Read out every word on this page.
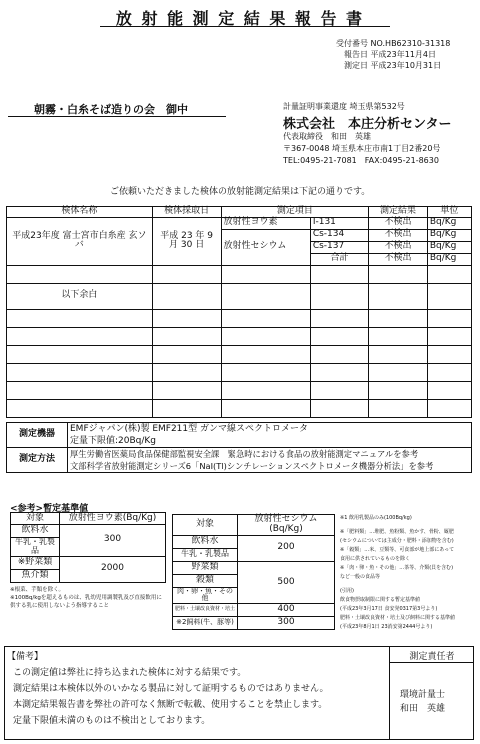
放 射 能 測 定 結 果 報 告 書
受付番号 NO.HB62310-31318
報告日 平成23年11月4日
測定日 平成23年10月31日
朝霧・白糸そば造りの会　御中	計量証明事業還度 埼玉県第532号
株式会社　本庄分析センター
代表取締役　和田　英雄
〒367-0048 埼玉県本庄市南1丁目2番20号
TEL:0495-21-7081　FAX:0495-21-8630
ご依頼いただきました検体の放射能測定結果は下記の通りです。
検体名称	検体採取日	測定項目		測定結果	単位
平成23年度 富士宮市白糸産 玄ソバ	平成 23 年 9 月 30 日	放射性ヨウ素	I-131	不検出	Bq/Kg
		放射性セシウム	Cs-134	不検出	Bq/Kg
			Cs-137	不検出	Bq/Kg
			合計	不検出	Bq/Kg

以下余白					

測定機器	EMFジャパン(株)製 EMF211型 ガンマ線スペクトロメータ
定量下限値:20Bq/Kg

測定方法	厚生労働省医薬局食品保健部監視安全課　緊急時における食品の放射能測定マニュアルを参考
文部科学省放射能測定シリーズ6「NaI(Tl)シンチレーションスペクトロメータ機器分析法」を参考
<参考>暫定基準値
対象	放射性ヨウ素(Bq/Kg)
飲料水	300
牛乳・乳製品	
※野菜類	2000
魚介類	
※根菜、芋類を除く。
※100Bq/kgを超えるものは、乳幼児用調製乳及び直接飲用に供する乳に使用しないよう指導すること
対象	放射性セシウム(Bq/Kg)
飲料水	200
牛乳・乳製品	
野菜類	500
穀類	
肉・卵・魚・その他	
肥料・土壌改良資材・培土	400
※2飼料(牛、豚等)	300
※1 飲用乳製品のみ(100Bq/kg)
※「肥料類」…堆肥、魚粉類、魚かす、骨粉、厩肥
(セシウムについては主成分・肥料・添加物を含む)
※「穀類」…米、豆類等、可食部が地上部にあって
食用に供されているものを除く
※「肉・卵・魚・その他」…茶等、介類(貝を含む)
など一般の食品等
(引用)
飲食物摂取制限に関する暫定基準値
(平成23年3月17日 食安発0317第3号より)
肥料・土壌改良資材・培土及び飼料に関する基準値
(平成23年8月1日 23消安第2444号より)
【備考】
この測定値は弊社に持ち込まれた検体に対する結果です。
測定結果は本検体以外のいかなる製品に対して証明するものではありません。
本測定結果報告書を弊社の許可なく無断で転載、使用することを禁止します。
定量下限値未満のものは不検出としております。
測定責任者
環境計量士
和田　英雄
